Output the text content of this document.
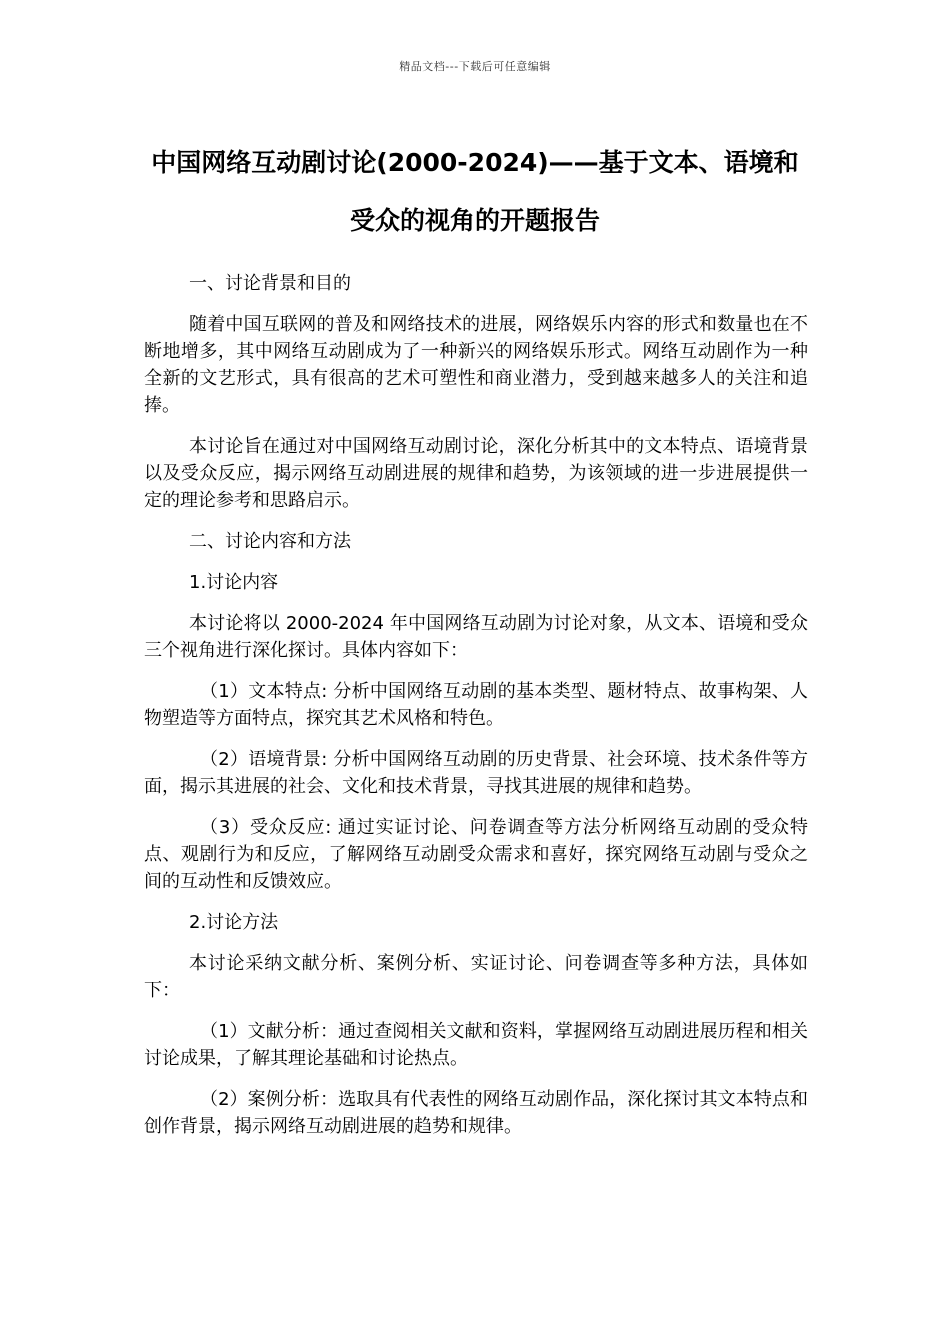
精品文档---下载后可任意编辑
中国网络互动剧讨论(2000-2024)——基于文本、语境和受众的视角的开题报告

一、讨论背景和目的

随着中国互联网的普及和网络技术的进展，网络娱乐内容的形式和数量也在不断地增多，其中网络互动剧成为了一种新兴的网络娱乐形式。网络互动剧作为一种全新的文艺形式，具有很高的艺术可塑性和商业潜力，受到越来越多人的关注和追捧。

本讨论旨在通过对中国网络互动剧讨论，深化分析其中的文本特点、语境背景以及受众反应，揭示网络互动剧进展的规律和趋势，为该领域的进一步进展提供一定的理论参考和思路启示。

二、讨论内容和方法

1.讨论内容

本讨论将以 2000-2024 年中国网络互动剧为讨论对象，从文本、语境和受众三个视角进行深化探讨。具体内容如下：

（1）文本特点: 分析中国网络互动剧的基本类型、题材特点、故事构架、人物塑造等方面特点，探究其艺术风格和特色。

（2）语境背景: 分析中国网络互动剧的历史背景、社会环境、技术条件等方面，揭示其进展的社会、文化和技术背景，寻找其进展的规律和趋势。

（3）受众反应: 通过实证讨论、问卷调查等方法分析网络互动剧的受众特点、观剧行为和反应，了解网络互动剧受众需求和喜好，探究网络互动剧与受众之间的互动性和反馈效应。

2.讨论方法

本讨论采纳文献分析、案例分析、实证讨论、问卷调查等多种方法，具体如下：

（1）文献分析：通过查阅相关文献和资料，掌握网络互动剧进展历程和相关讨论成果，了解其理论基础和讨论热点。

（2）案例分析：选取具有代表性的网络互动剧作品，深化探讨其文本特点和创作背景，揭示网络互动剧进展的趋势和规律。
